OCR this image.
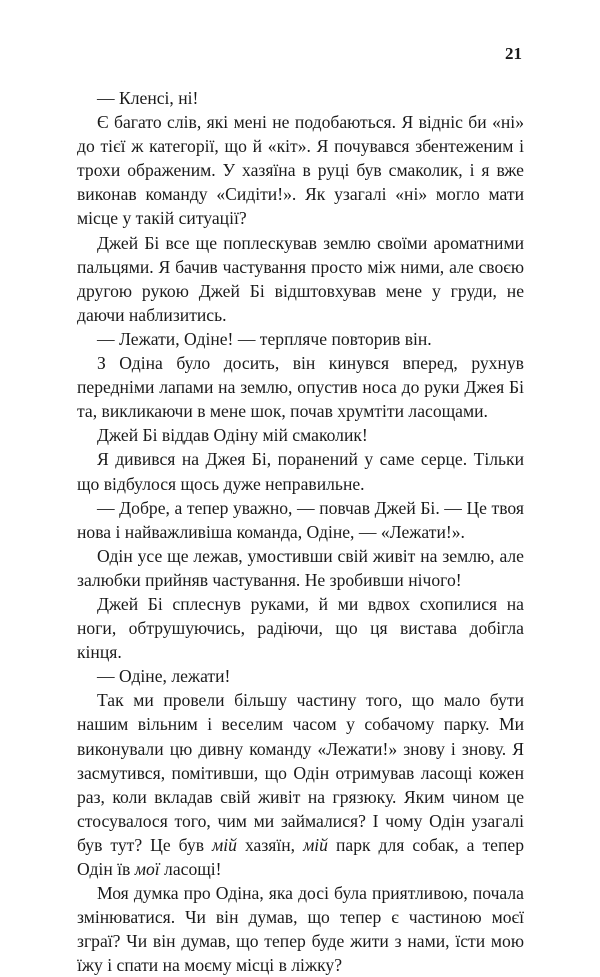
21

— Кленсі, ні!

Є багато слів, які мені не подобаються. Я відніс би «ні» до тієї ж категорії, що й «кіт». Я почувався збентеженим і трохи ображеним. У хазяїна в руці був смаколик, і я вже виконав команду «Сидіти!». Як узагалі «ні» могло мати місце у такій ситуації?

Джей Бі все ще поплескував землю своїми ароматними пальцями. Я бачив частування просто між ними, але своєю другою рукою Джей Бі відштовхував мене у груди, не даючи наблизитись.

— Лежати, Одіне! — терпляче повторив він.

З Одіна було досить, він кинувся вперед, рухнув передніми лапами на землю, опустив носа до руки Джея Бі та, викликаючи в мене шок, почав хрумтіти ласощами.

Джей Бі віддав Одіну мій смаколик!

Я дивився на Джея Бі, поранений у саме серце. Тільки що відбулося щось дуже неправильне.

— Добре, а тепер уважно, — повчав Джей Бі. — Це твоя нова і найважливіша команда, Одіне, — «Лежати!».

Одін усе ще лежав, умостивши свій живіт на землю, але залюбки прийняв частування. Не зробивши нічого!

Джей Бі сплеснув руками, й ми вдвох схопилися на ноги, обтрушуючись, радіючи, що ця вистава добігла кінця.

— Одіне, лежати!

Так ми провели більшу частину того, що мало бути нашим вільним і веселим часом у собачому парку. Ми виконували цю дивну команду «Лежати!» знову і знову. Я засмутився, помітивши, що Одін отримував ласощі кожен раз, коли вкладав свій живіт на грязюку. Яким чином це стосувалося того, чим ми займалися? І чому Одін узагалі був тут? Це був мій хазяїн, мій парк для собак, а тепер Одін їв мої ласощі!

Моя думка про Одіна, яка досі була приятливою, почала змінюватися. Чи він думав, що тепер є частиною моєї зграї? Чи він думав, що тепер буде жити з нами, їсти мою їжу і спати на моєму місці в ліжку?
